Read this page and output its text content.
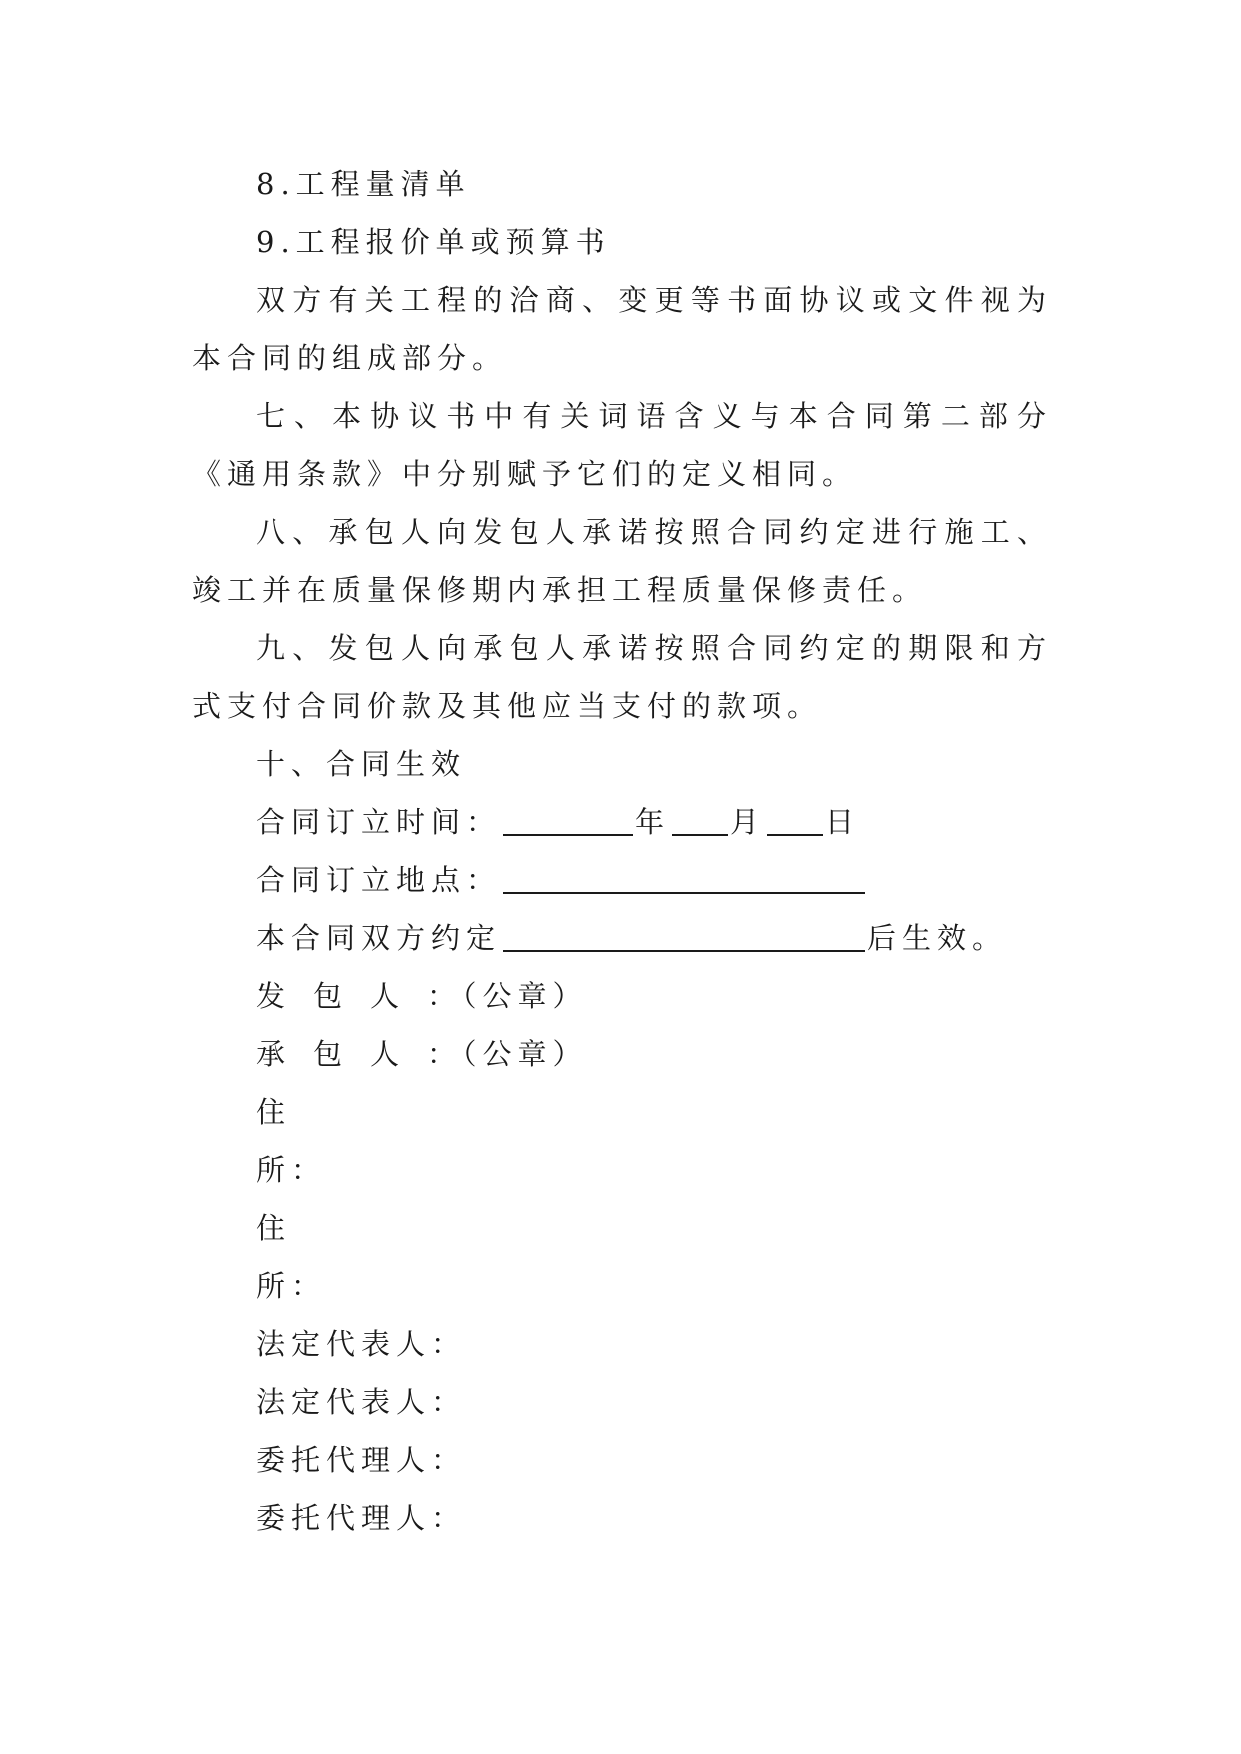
8.工程量清单
9.工程报价单或预算书
双方有关工程的洽商、变更等书面协议或文件视为本合同的组成部分。
七、本协议书中有关词语含义与本合同第二部分《通用条款》中分别赋予它们的定义相同。
八、承包人向发包人承诺按照合同约定进行施工、竣工并在质量保修期内承担工程质量保修责任。
九、发包人向承包人承诺按照合同约定的期限和方式支付合同价款及其他应当支付的款项。
十、合同生效
合同订立时间：	年 月 日
合同订立地点：
本合同双方约定	后生效。
发包人：（公章）
承包人：（公章）
住
所：
住
所：
法定代表人：
法定代表人：
委托代理人：
委托代理人：
